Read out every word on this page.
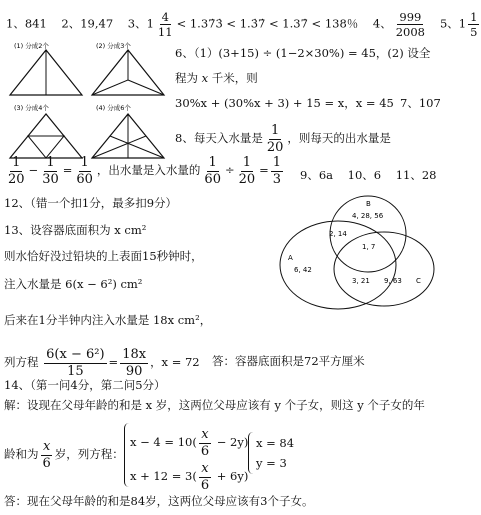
1、841 2、19,47 3、$1 \frac{4}{11}$ < 1.37̇3̇ < 1.3̇7̇ < 1.37̇ < 138％ 4、 $\frac{999}{2008} 5$、$1 \frac{1}{5}$
(1) 分成2个	(2) 分成3个
(3) 分成4个	(4) 分成6个
6、（1）(3+15) ÷ (1−2×30%) = 45，(2) 设全
程为 x 千米，则
30%x + (30%x + 3) + 15 = x，x = 45 7、107
8、每天入水量是 $\frac{1}{20}$ ，则每天的出水量是
$\frac{1}{20} - \frac{1}{30} = \frac{1}{60}$ ，出水量是入水量的 $\frac{1}{60} \div \frac{1}{20} = \frac{1}{3} 9$、6a 10、6 11、28
12、（错一个扣1分，最多扣9分）	B
4, 28, 56
2, 14
1, 7
A
6, 42
3, 21 9, 63 C
13、设容器底面积为 x cm²
则水恰好没过铅块的上表面15秒钟时，
注入水量是 6(x − 6²) cm²
后来在1分半钟内注入水量是 18x cm²，
列方程 $\frac{\text{6(x − 6²)}}{15} = \frac{18x}{90}$ ，x = 72 答：容器底面积是72平方厘米
14、（第一问4分，第二问5分）
解：设现在父母年龄的和是 x 岁，这两位父母应该有 y 个子女，则这 y 个子女的年
龄和为 $\frac{x}{6}$ 岁，列方程：
$x - 4 = 10( \frac{x}{6} - 2y)$
$x + 12 = 3( \frac{x}{6} + 6y)$
x = 84
y = 3
答：现在父母年龄的和是84岁，这两位父母应该有3个子女。
